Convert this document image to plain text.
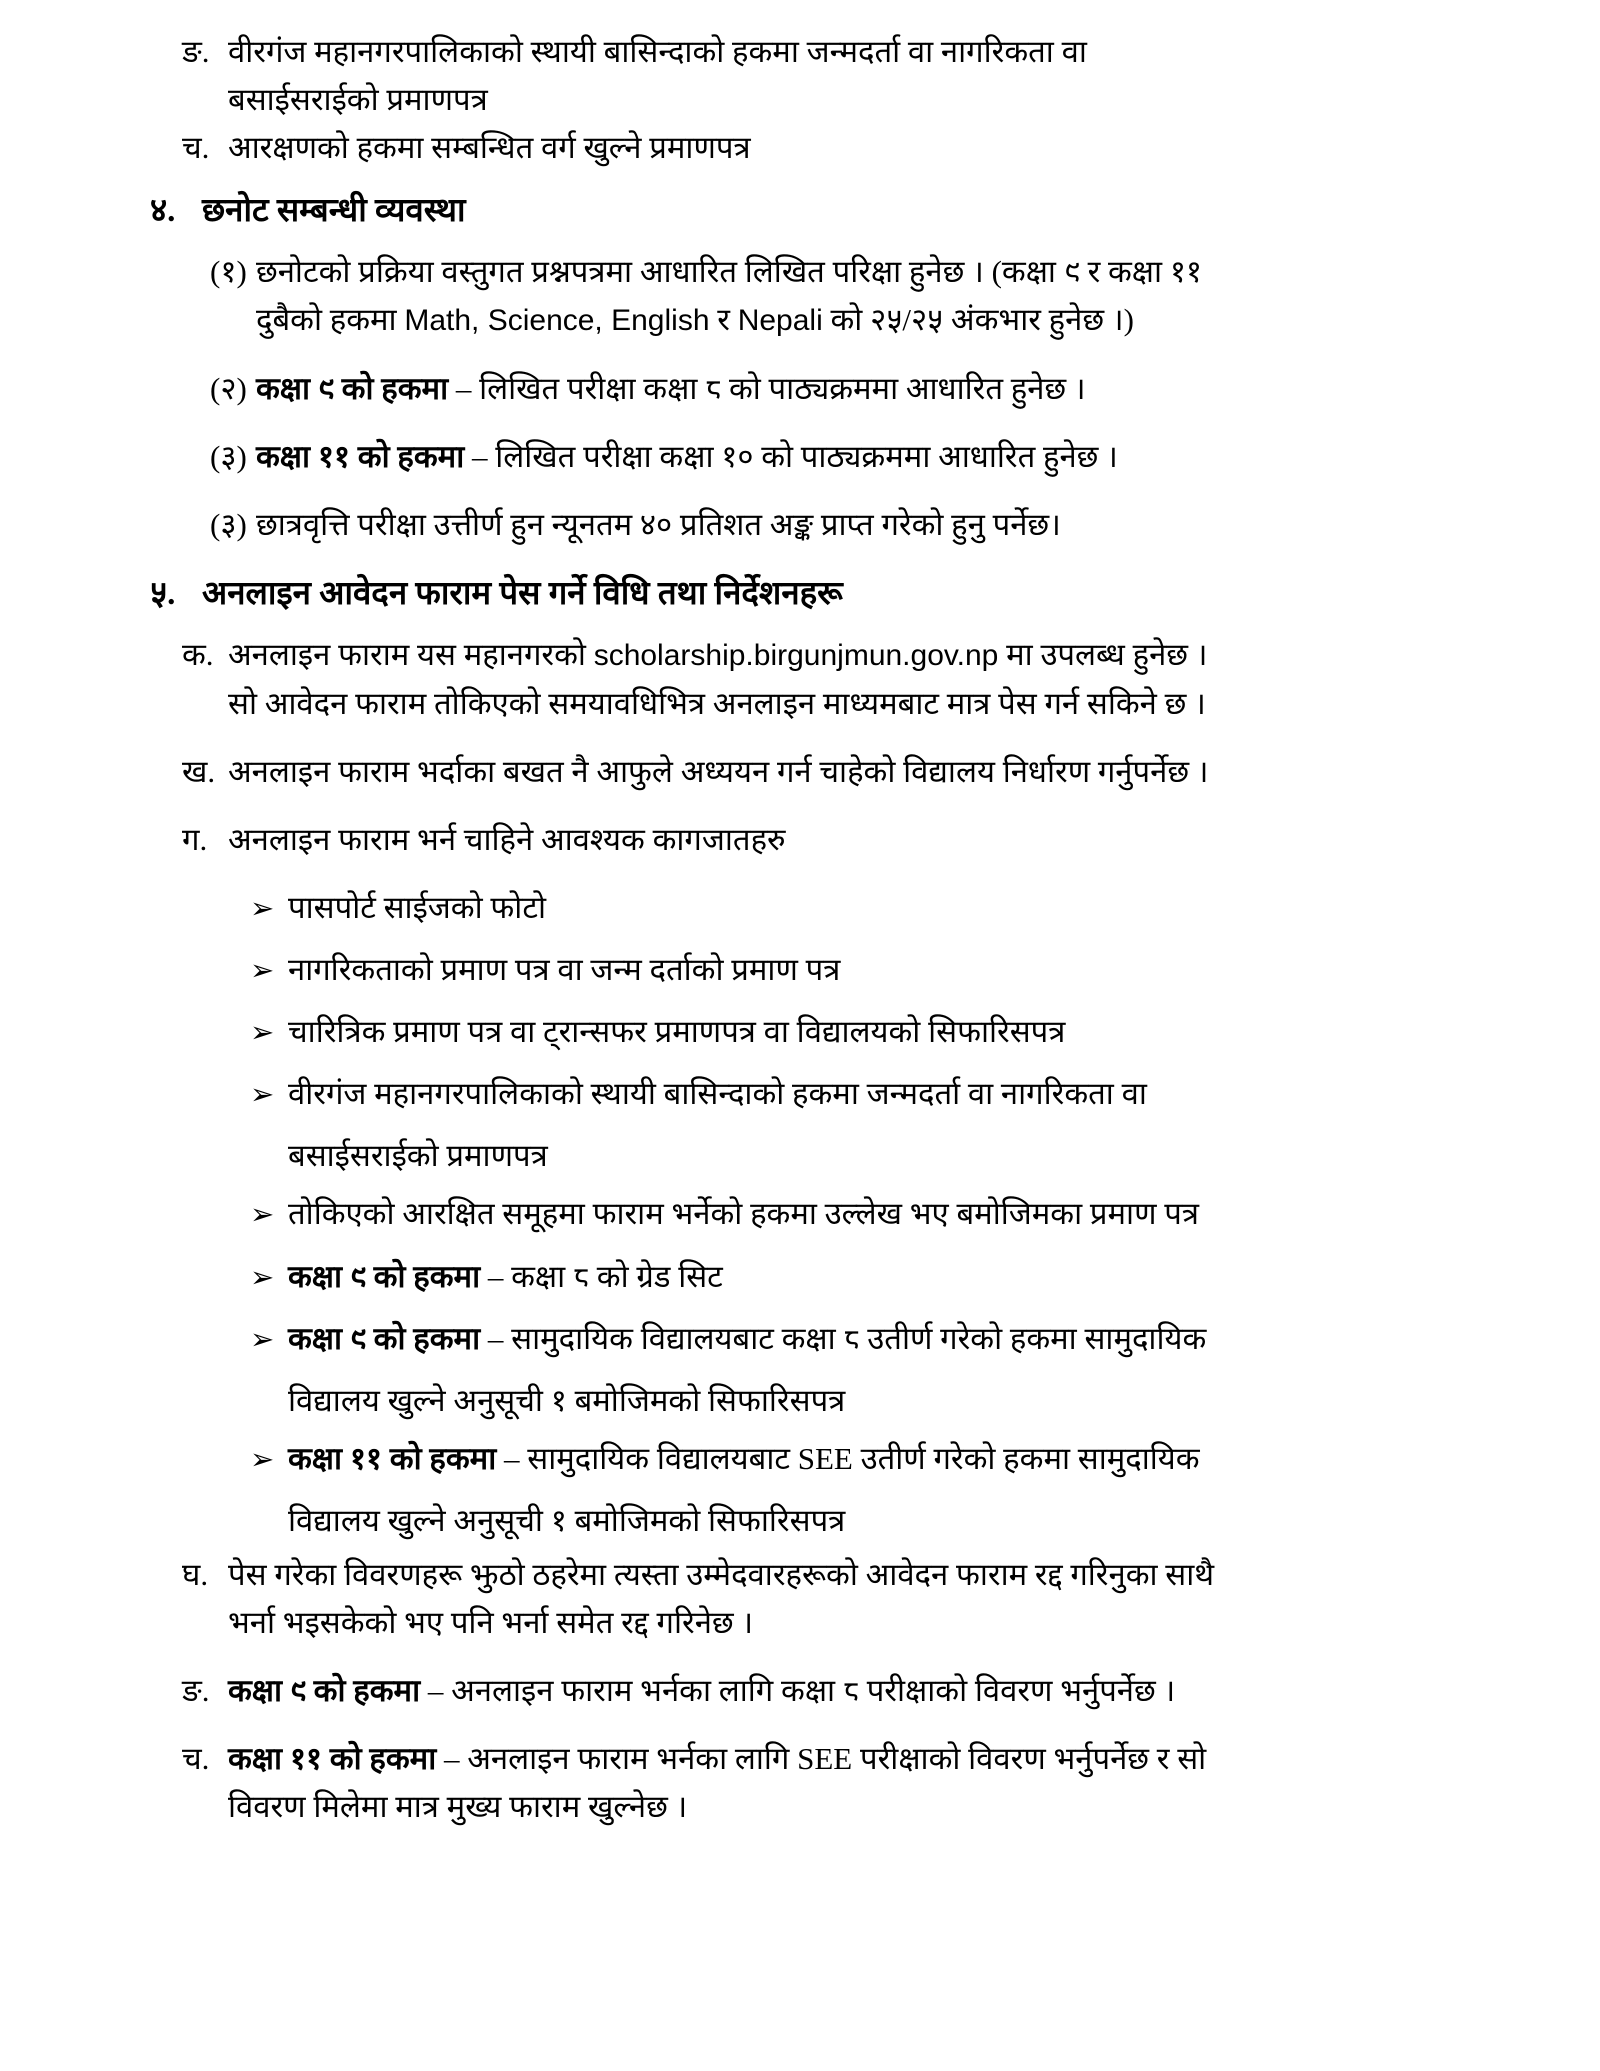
ङ. वीरगंज महानगरपालिकाको स्थायी बासिन्दाको हकमा जन्मदर्ता वा नागरिकता वा
बसाईसराईको प्रमाणपत्र
च. आरक्षणको हकमा सम्बन्धित वर्ग खुल्ने प्रमाणपत्र
४. छनोट सम्बन्धी व्यवस्था
(१) छनोटको प्रक्रिया वस्तुगत प्रश्नपत्रमा आधारित लिखित परिक्षा हुनेछ । (कक्षा ९ र कक्षा ११
दुबैको हकमा Math, Science, English र Nepali को २५/२५ अंकभार हुनेछ ।)
(२) कक्षा ९ को हकमा – लिखित परीक्षा कक्षा ८ को पाठ्यक्रममा आधारित हुनेछ ।
(३) कक्षा ११ को हकमा – लिखित परीक्षा कक्षा १० को पाठ्यक्रममा आधारित हुनेछ ।
(३) छात्रवृत्ति परीक्षा उत्तीर्ण हुन न्यूनतम ४० प्रतिशत अङ्क प्राप्त गरेको हुनु पर्नेछ।
५. अनलाइन आवेदन फाराम पेस गर्ने विधि तथा निर्देशनहरू
क. अनलाइन फाराम यस महानगरको scholarship.birgunjmun.gov.np मा उपलब्ध हुनेछ ।
सो आवेदन फाराम तोकिएको समयावधिभित्र अनलाइन माध्यमबाट मात्र पेस गर्न सकिने छ ।
ख. अनलाइन फाराम भर्दाका बखत नै आफुले अध्ययन गर्न चाहेको विद्यालय निर्धारण गर्नुपर्नेछ ।
ग. अनलाइन फाराम भर्न चाहिने आवश्यक कागजातहरु
➢ पासपोर्ट साईजको फोटो
➢ नागरिकताको प्रमाण पत्र वा जन्म दर्ताको प्रमाण पत्र
➢ चारित्रिक प्रमाण पत्र वा ट्रान्सफर प्रमाणपत्र वा विद्यालयको सिफारिसपत्र
➢ वीरगंज महानगरपालिकाको स्थायी बासिन्दाको हकमा जन्मदर्ता वा नागरिकता वा
बसाईसराईको प्रमाणपत्र
➢ तोकिएको आरक्षित समूहमा फाराम भर्नेको हकमा उल्लेख भए बमोजिमका प्रमाण पत्र
➢ कक्षा ९ को हकमा – कक्षा ८ को ग्रेड सिट
➢ कक्षा ९ को हकमा – सामुदायिक विद्यालयबाट कक्षा ८ उतीर्ण गरेको हकमा सामुदायिक
विद्यालय खुल्ने अनुसूची १ बमोजिमको सिफारिसपत्र
➢ कक्षा ११ को हकमा – सामुदायिक विद्यालयबाट SEE उतीर्ण गरेको हकमा सामुदायिक
विद्यालय खुल्ने अनुसूची १ बमोजिमको सिफारिसपत्र
घ. पेस गरेका विवरणहरू झुठो ठहरेमा त्यस्ता उम्मेदवारहरूको आवेदन फाराम रद्द गरिनुका साथै
भर्ना भइसकेको भए पनि भर्ना समेत रद्द गरिनेछ ।
ङ. कक्षा ९ को हकमा – अनलाइन फाराम भर्नका लागि कक्षा ८ परीक्षाको विवरण भर्नुपर्नेछ ।
च. कक्षा ११ को हकमा – अनलाइन फाराम भर्नका लागि SEE परीक्षाको विवरण भर्नुपर्नेछ र सो
विवरण मिलेमा मात्र मुख्य फाराम खुल्नेछ ।
